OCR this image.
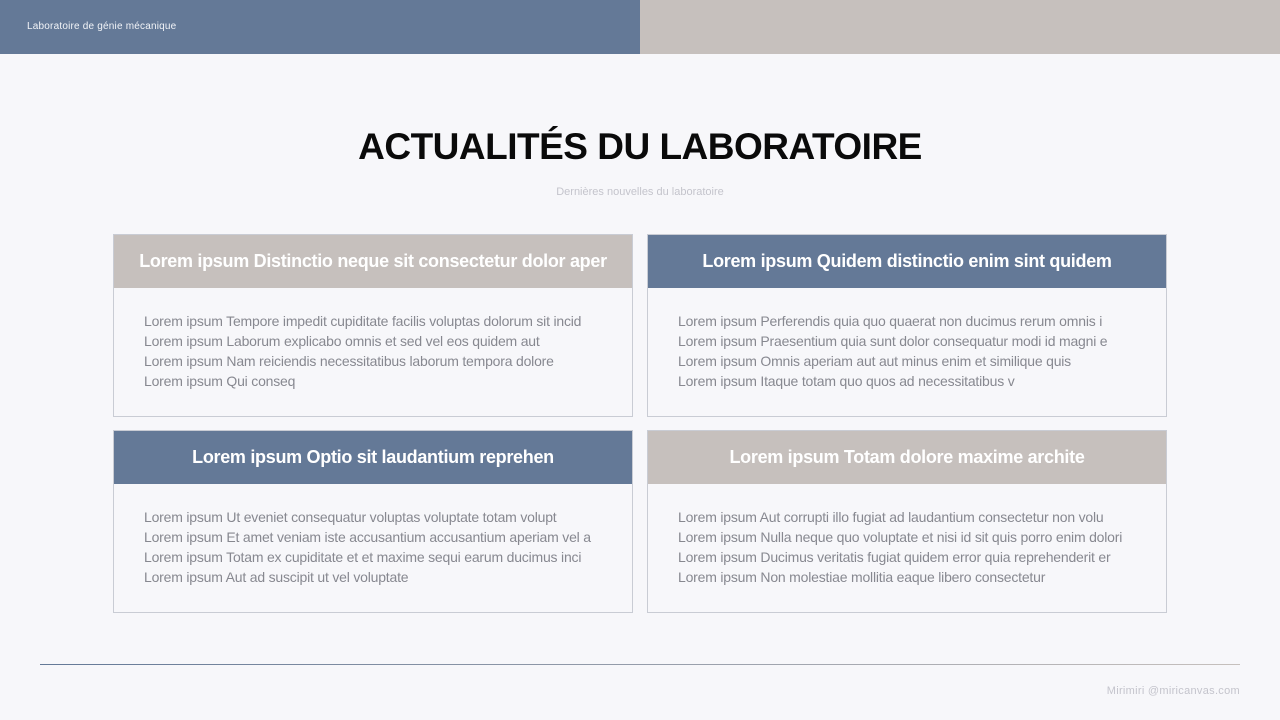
Laboratoire de génie mécanique
ACTUALITÉS DU LABORATOIRE
Dernières nouvelles du laboratoire
Lorem ipsum Distinctio neque sit consectetur dolor aper
Lorem ipsum Tempore impedit cupiditate facilis voluptas dolorum sit incid
Lorem ipsum Laborum explicabo omnis et sed vel eos quidem aut
Lorem ipsum Nam reiciendis necessitatibus laborum tempora dolore
Lorem ipsum Qui conseq
Lorem ipsum Quidem distinctio enim sint quidem
Lorem ipsum Perferendis quia quo quaerat non ducimus rerum omnis i
Lorem ipsum Praesentium quia sunt dolor consequatur modi id magni e
Lorem ipsum Omnis aperiam aut aut minus enim et similique quis
Lorem ipsum Itaque totam quo quos ad necessitatibus v
Lorem ipsum Optio sit laudantium reprehen
Lorem ipsum Ut eveniet consequatur voluptas voluptate totam volupt
Lorem ipsum Et amet veniam iste accusantium accusantium aperiam vel a
Lorem ipsum Totam ex cupiditate et et maxime sequi earum ducimus inci
Lorem ipsum Aut ad suscipit ut vel voluptate
Lorem ipsum Totam dolore maxime archite
Lorem ipsum Aut corrupti illo fugiat ad laudantium consectetur non volu
Lorem ipsum Nulla neque quo voluptate et nisi id sit quis porro enim dolori
Lorem ipsum Ducimus veritatis fugiat quidem error quia reprehenderit er
Lorem ipsum Non molestiae mollitia eaque libero consectetur
Mirimiri @miricanvas.com
